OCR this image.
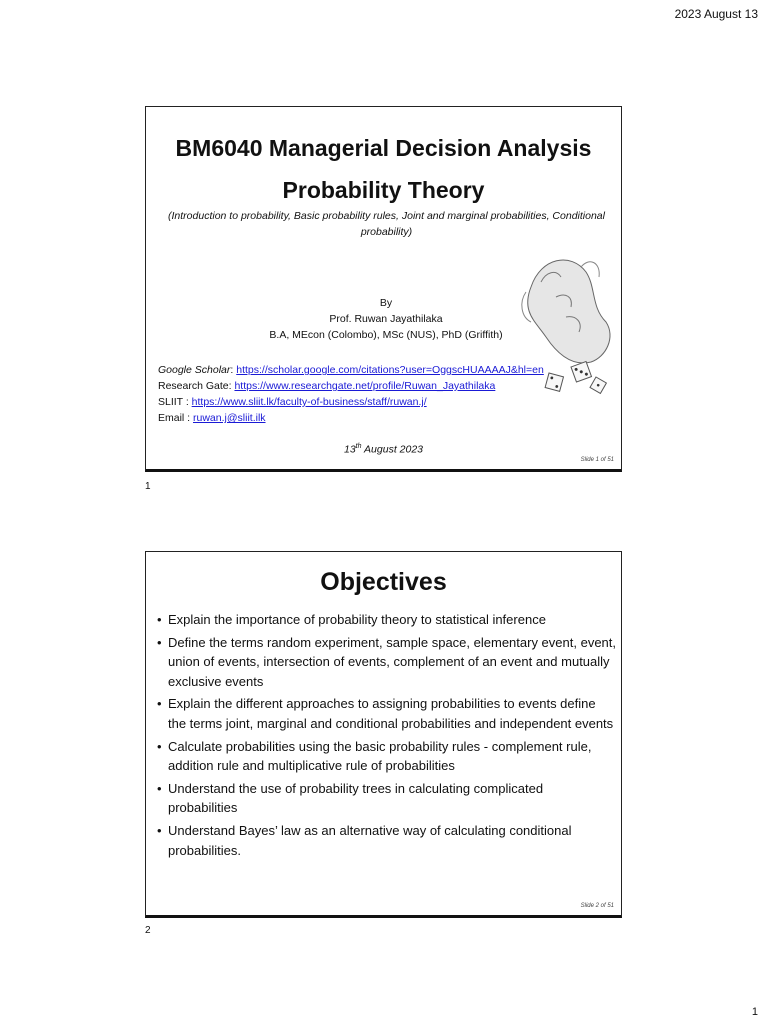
2023 August 13
BM6040 Managerial Decision Analysis
Probability Theory
(Introduction to probability, Basic probability rules, Joint and marginal probabilities, Conditional probability)
By
Prof. Ruwan Jayathilaka
B.A, MEcon (Colombo), MSc (NUS), PhD (Griffith)
Google Scholar: https://scholar.google.com/citations?user=OggscHUAAAAJ&hl=en
Research Gate: https://www.researchgate.net/profile/Ruwan_Jayathilaka
SLIIT : https://www.sliit.lk/faculty-of-business/staff/ruwan.j/
Email : ruwan.j@sliit.ilk
13th August 2023
Slide 1 of 51
1
Objectives
• Explain the importance of probability theory to statistical inference
• Define the terms random experiment, sample space, elementary event, event, union of events, intersection of events, complement of an event and mutually exclusive events
• Explain the different approaches to assigning probabilities to events define the terms joint, marginal and conditional probabilities and independent events
• Calculate probabilities using the basic probability rules - complement rule, addition rule and multiplicative rule of probabilities
• Understand the use of probability trees in calculating complicated probabilities
• Understand Bayes’ law as an alternative way of calculating conditional probabilities.
Slide 2 of 51
2
1
